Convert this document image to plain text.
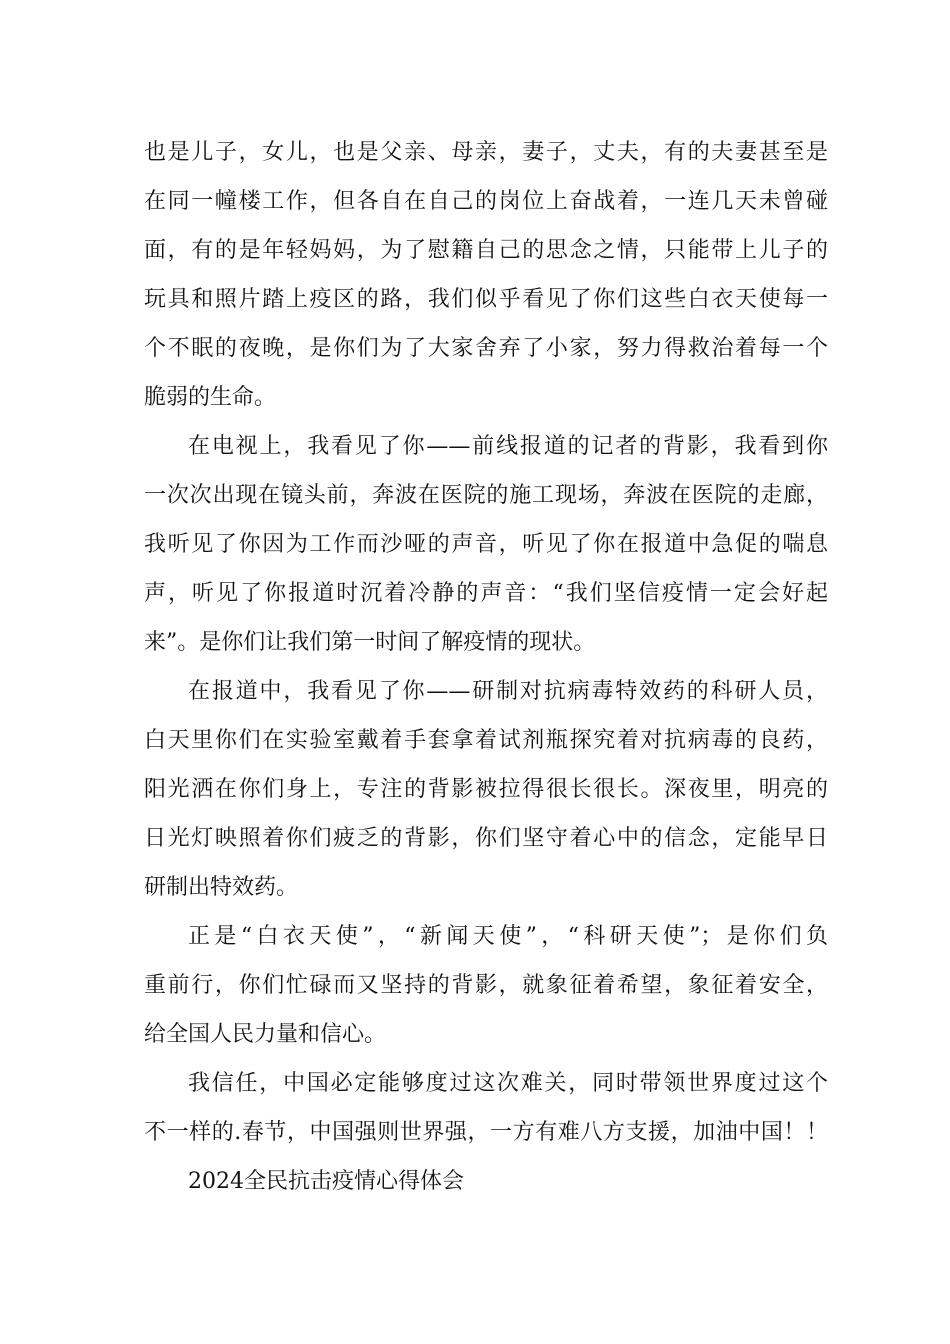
也是儿子，女儿，也是父亲、母亲，妻子，丈夫，有的夫妻甚至是
在同一幢楼工作，但各自在自己的岗位上奋战着，一连几天未曾碰
面，有的是年轻妈妈，为了慰籍自己的思念之情，只能带上儿子的
玩具和照片踏上疫区的路，我们似乎看见了你们这些白衣天使每一
个不眠的夜晚，是你们为了大家舍弃了小家，努力得救治着每一个
脆弱的生命。
在电视上，我看见了你——前线报道的记者的背影，我看到你
一次次出现在镜头前，奔波在医院的施工现场，奔波在医院的走廊，
我听见了你因为工作而沙哑的声音，听见了你在报道中急促的喘息
声，听见了你报道时沉着冷静的声音：“我们坚信疫情一定会好起
来”。是你们让我们第一时间了解疫情的现状。
在报道中，我看见了你——研制对抗病毒特效药的科研人员，
白天里你们在实验室戴着手套拿着试剂瓶探究着对抗病毒的良药，
阳光洒在你们身上，专注的背影被拉得很长很长。深夜里，明亮的
日光灯映照着你们疲乏的背影，你们坚守着心中的信念，定能早日
研制出特效药。
正是“白衣天使”，“新闻天使”，“科研天使”；是你们负
重前行，你们忙碌而又坚持的背影，就象征着希望，象征着安全，
给全国人民力量和信心。
我信任，中国必定能够度过这次难关，同时带领世界度过这个
不一样的.春节，中国强则世界强，一方有难八方支援，加油中国！！
2024全民抗击疫情心得体会
